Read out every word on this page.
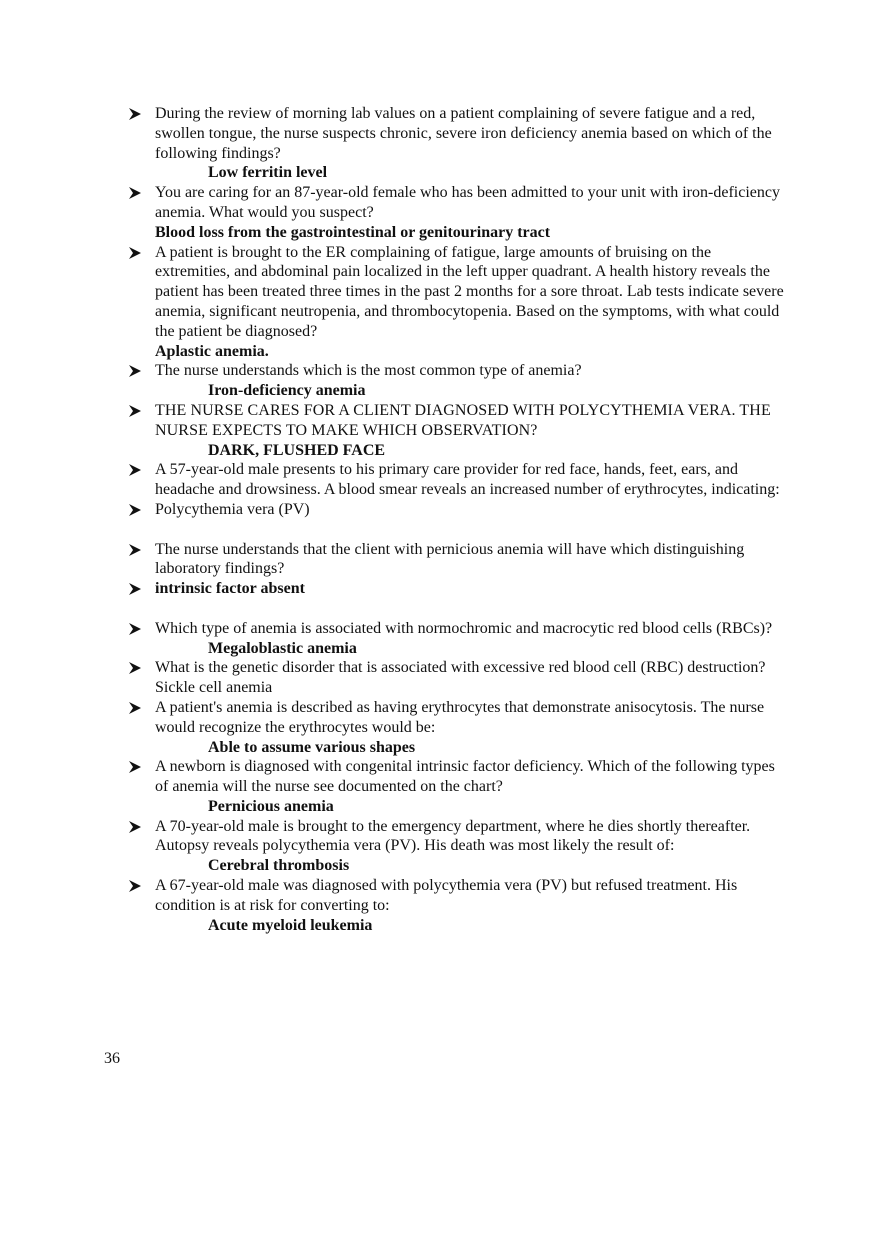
During the review of morning lab values on a patient complaining of severe fatigue and a red, swollen tongue, the nurse suspects chronic, severe iron deficiency anemia based on which of the following findings?
Low ferritin level
You are caring for an 87-year-old female who has been admitted to your unit with iron-deficiency anemia. What would you suspect?
Blood loss from the gastrointestinal or genitourinary tract
A patient is brought to the ER complaining of fatigue, large amounts of bruising on the extremities, and abdominal pain localized in the left upper quadrant. A health history reveals the patient has been treated three times in the past 2 months for a sore throat. Lab tests indicate severe anemia, significant neutropenia, and thrombocytopenia. Based on the symptoms, with what could the patient be diagnosed?
Aplastic anemia.
The nurse understands which is the most common type of anemia?
Iron-deficiency anemia
THE NURSE CARES FOR A CLIENT DIAGNOSED WITH POLYCYTHEMIA VERA. THE NURSE EXPECTS TO MAKE WHICH OBSERVATION?
DARK, FLUSHED FACE
A 57-year-old male presents to his primary care provider for red face, hands, feet, ears, and headache and drowsiness. A blood smear reveals an increased number of erythrocytes, indicating:
Polycythemia vera (PV)
The nurse understands that the client with pernicious anemia will have which distinguishing laboratory findings?
intrinsic factor absent
Which type of anemia is associated with normochromic and macrocytic red blood cells (RBCs)?
Megaloblastic anemia
What is the genetic disorder that is associated with excessive red blood cell (RBC) destruction?
Sickle cell anemia
A patient's anemia is described as having erythrocytes that demonstrate anisocytosis. The nurse would recognize the erythrocytes would be:
Able to assume various shapes
A newborn is diagnosed with congenital intrinsic factor deficiency. Which of the following types of anemia will the nurse see documented on the chart?
Pernicious anemia
A 70-year-old male is brought to the emergency department, where he dies shortly thereafter. Autopsy reveals polycythemia vera (PV). His death was most likely the result of:
Cerebral thrombosis
A 67-year-old male was diagnosed with polycythemia vera (PV) but refused treatment. His condition is at risk for converting to:
Acute myeloid leukemia
36
